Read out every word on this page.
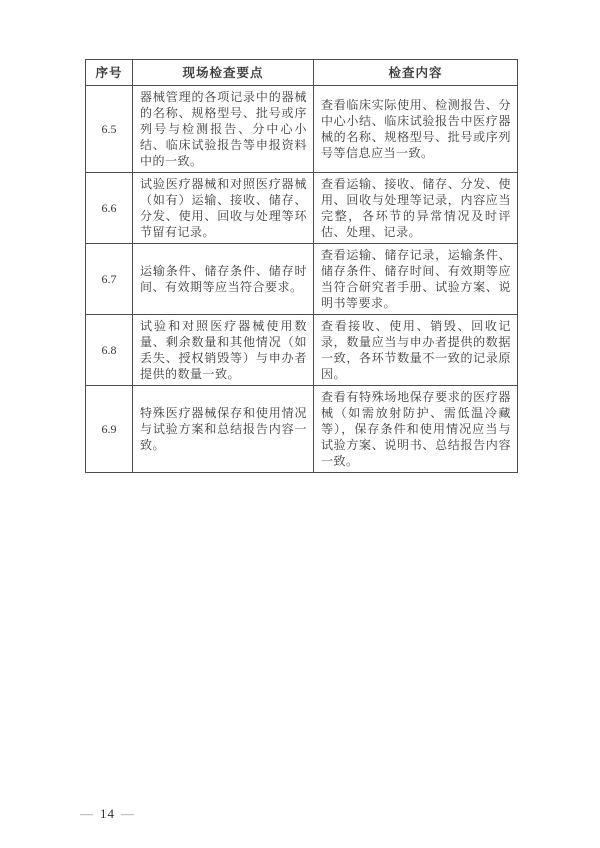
序号	现场检查要点	检查内容
6.5	器械管理的各项记录中的器械的名称、规格型号、批号或序列号与检测报告、分中心小结、临床试验报告等申报资料中的一致。	查看临床实际使用、检测报告、分中心小结、临床试验报告中医疗器械的名称、规格型号、批号或序列号等信息应当一致。
6.6	试验医疗器械和对照医疗器械（如有）运输、接收、储存、分发、使用、回收与处理等环节留有记录。	查看运输、接收、储存、分发、使用、回收与处理等记录，内容应当完整，各环节的异常情况及时评估、处理、记录。
6.7	运输条件、储存条件、储存时间、有效期等应当符合要求。	查看运输、储存记录，运输条件、储存条件、储存时间、有效期等应当符合研究者手册、试验方案、说明书等要求。
6.8	试验和对照医疗器械使用数量、剩余数量和其他情况（如丢失、授权销毁等）与申办者提供的数量一致。	查看接收、使用、销毁、回收记录，数量应当与申办者提供的数据一致，各环节数量不一致的记录原因。
6.9	特殊医疗器械保存和使用情况与试验方案和总结报告内容一致。	查看有特殊场地保存要求的医疗器械（如需放射防护、需低温冷藏等），保存条件和使用情况应当与试验方案、说明书、总结报告内容一致。
— 14 —
